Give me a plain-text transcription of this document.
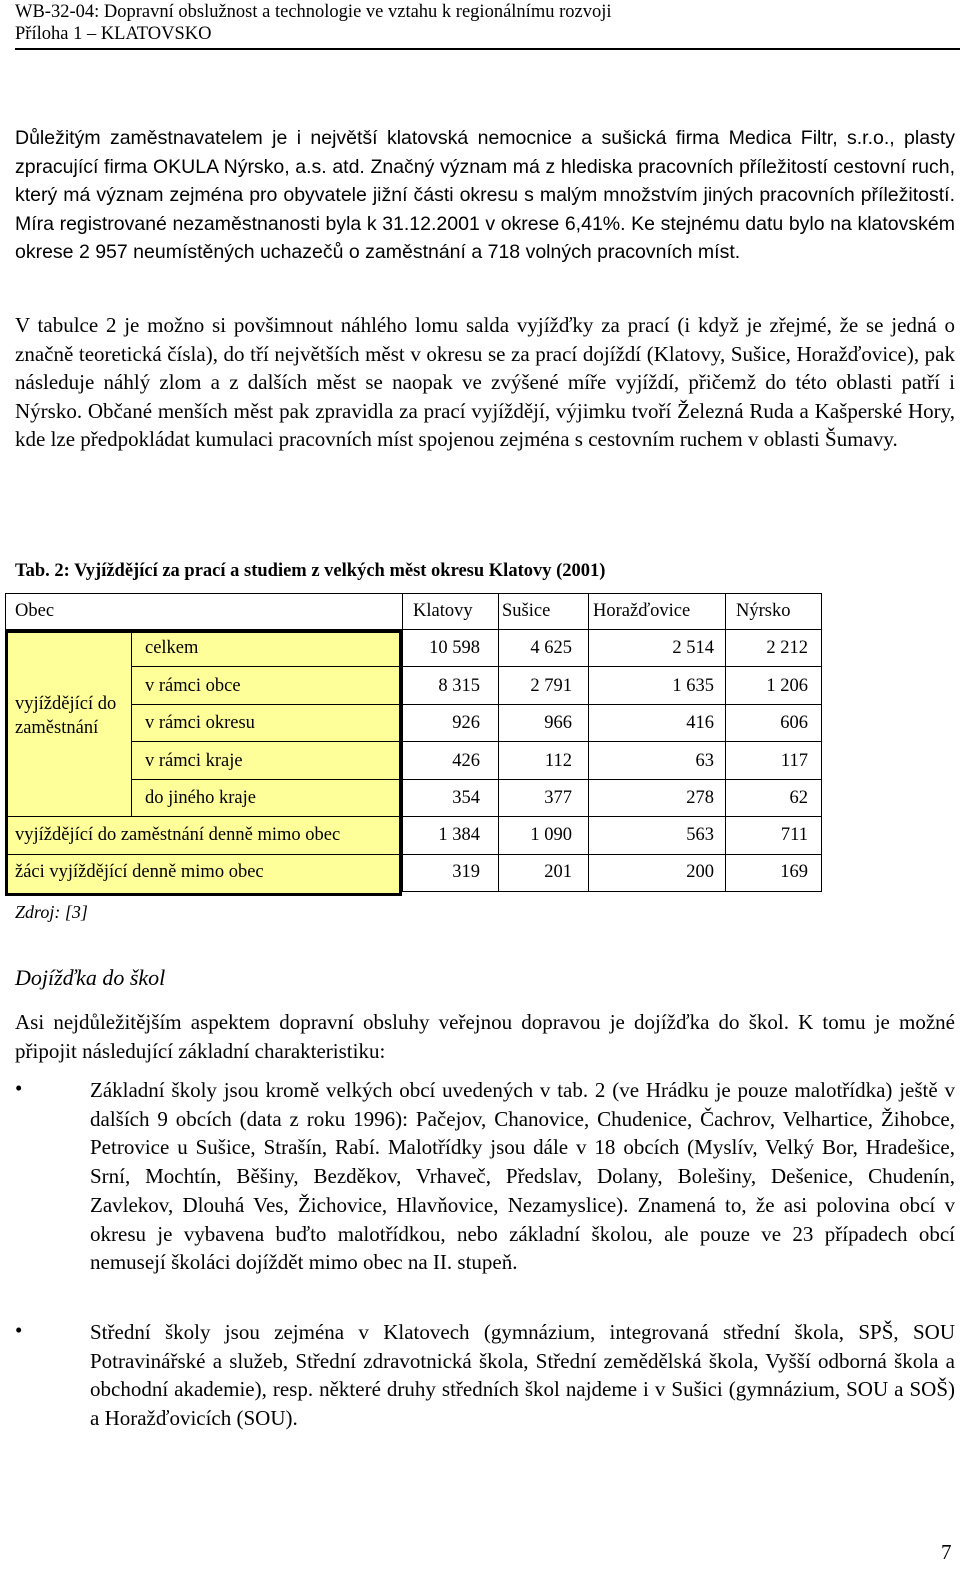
WB-32-04: Dopravní obslužnost a technologie ve vztahu k regionálnímu rozvoji
Příloha 1 – KLATOVSKO

Důležitým zaměstnavatelem je i největší klatovská nemocnice a sušická firma Medica Filtr, s.r.o., plasty zpracující firma OKULA Nýrsko, a.s. atd. Značný význam má z hlediska pracovních příležitostí cestovní ruch, který má význam zejména pro obyvatele jižní části okresu s malým množstvím jiných pracovních příležitostí. Míra registrované nezaměstnanosti byla k 31.12.2001 v okrese 6,41%. Ke stejnému datu bylo na klatovském okrese 2 957 neumístěných uchazečů o zaměstnání a 718 volných pracovních míst.

V tabulce 2 je možno si povšimnout náhlého lomu salda vyjížďky za prací (i když je zřejmé, že se jedná o značně teoretická čísla), do tří největších měst v okresu se za prací dojíždí (Klatovy, Sušice, Horažďovice), pak následuje náhlý zlom a z dalších měst se naopak ve zvýšené míře vyjíždí, přičemž do této oblasti patří i Nýrsko. Občané menších měst pak zpravidla za prací vyjíždějí, výjimku tvoří Železná Ruda a Kašperské Hory, kde lze předpokládat kumulaci pracovních míst spojenou zejména s cestovním ruchem v oblasti Šumavy.

Tab. 2: Vyjíždějící za prací a studiem z velkých měst okresu Klatovy (2001)
Obec	Klatovy Sušice Horažďovice Nýrsko
vyjíždějící do zaměstnání
celkem	10 598	4 625	2 514	2 212
v rámci obce	8 315	2 791	1 635	1 206
v rámci okresu	926	966	416	606
v rámci kraje	426	112	63	117
do jiného kraje	354	377	278	62
vyjíždějící do zaměstnání denně mimo obec	1 384	1 090	563	711
žáci vyjíždějící denně mimo obec	319	201	200	169
Zdroj: [3]
Dojížďka do škol

Asi nejdůležitějším aspektem dopravní obsluhy veřejnou dopravou je dojížďka do škol. K tomu je možné připojit následující základní charakteristiku:

•	Základní školy jsou kromě velkých obcí uvedených v tab. 2 (ve Hrádku je pouze malotřídka) ještě v dalších 9 obcích (data z roku 1996): Pačejov, Chanovice, Chudenice, Čachrov, Velhartice, Žihobce, Petrovice u Sušice, Strašín, Rabí. Malotřídky jsou dále v 18 obcích (Myslív, Velký Bor, Hradešice, Srní, Mochtín, Běšiny, Bezděkov, Vrhaveč, Předslav, Dolany, Bolešiny, Dešenice, Chudenín, Zavlekov, Dlouhá Ves, Žichovice, Hlavňovice, Nezamyslice). Znamená to, že asi polovina obcí v okresu je vybavena buďto malotřídkou, nebo základní školou, ale pouze ve 23 případech obcí nemusejí školáci dojíždět mimo obec na II. stupeň.

•	Střední školy jsou zejména v Klatovech (gymnázium, integrovaná střední škola, SPŠ, SOU Potravinářské a služeb, Střední zdravotnická škola, Střední zemědělská škola, Vyšší odborná škola a obchodní akademie), resp. některé druhy středních škol najdeme i v Sušici (gymnázium, SOU a SOŠ) a Horažďovicích (SOU).

7
